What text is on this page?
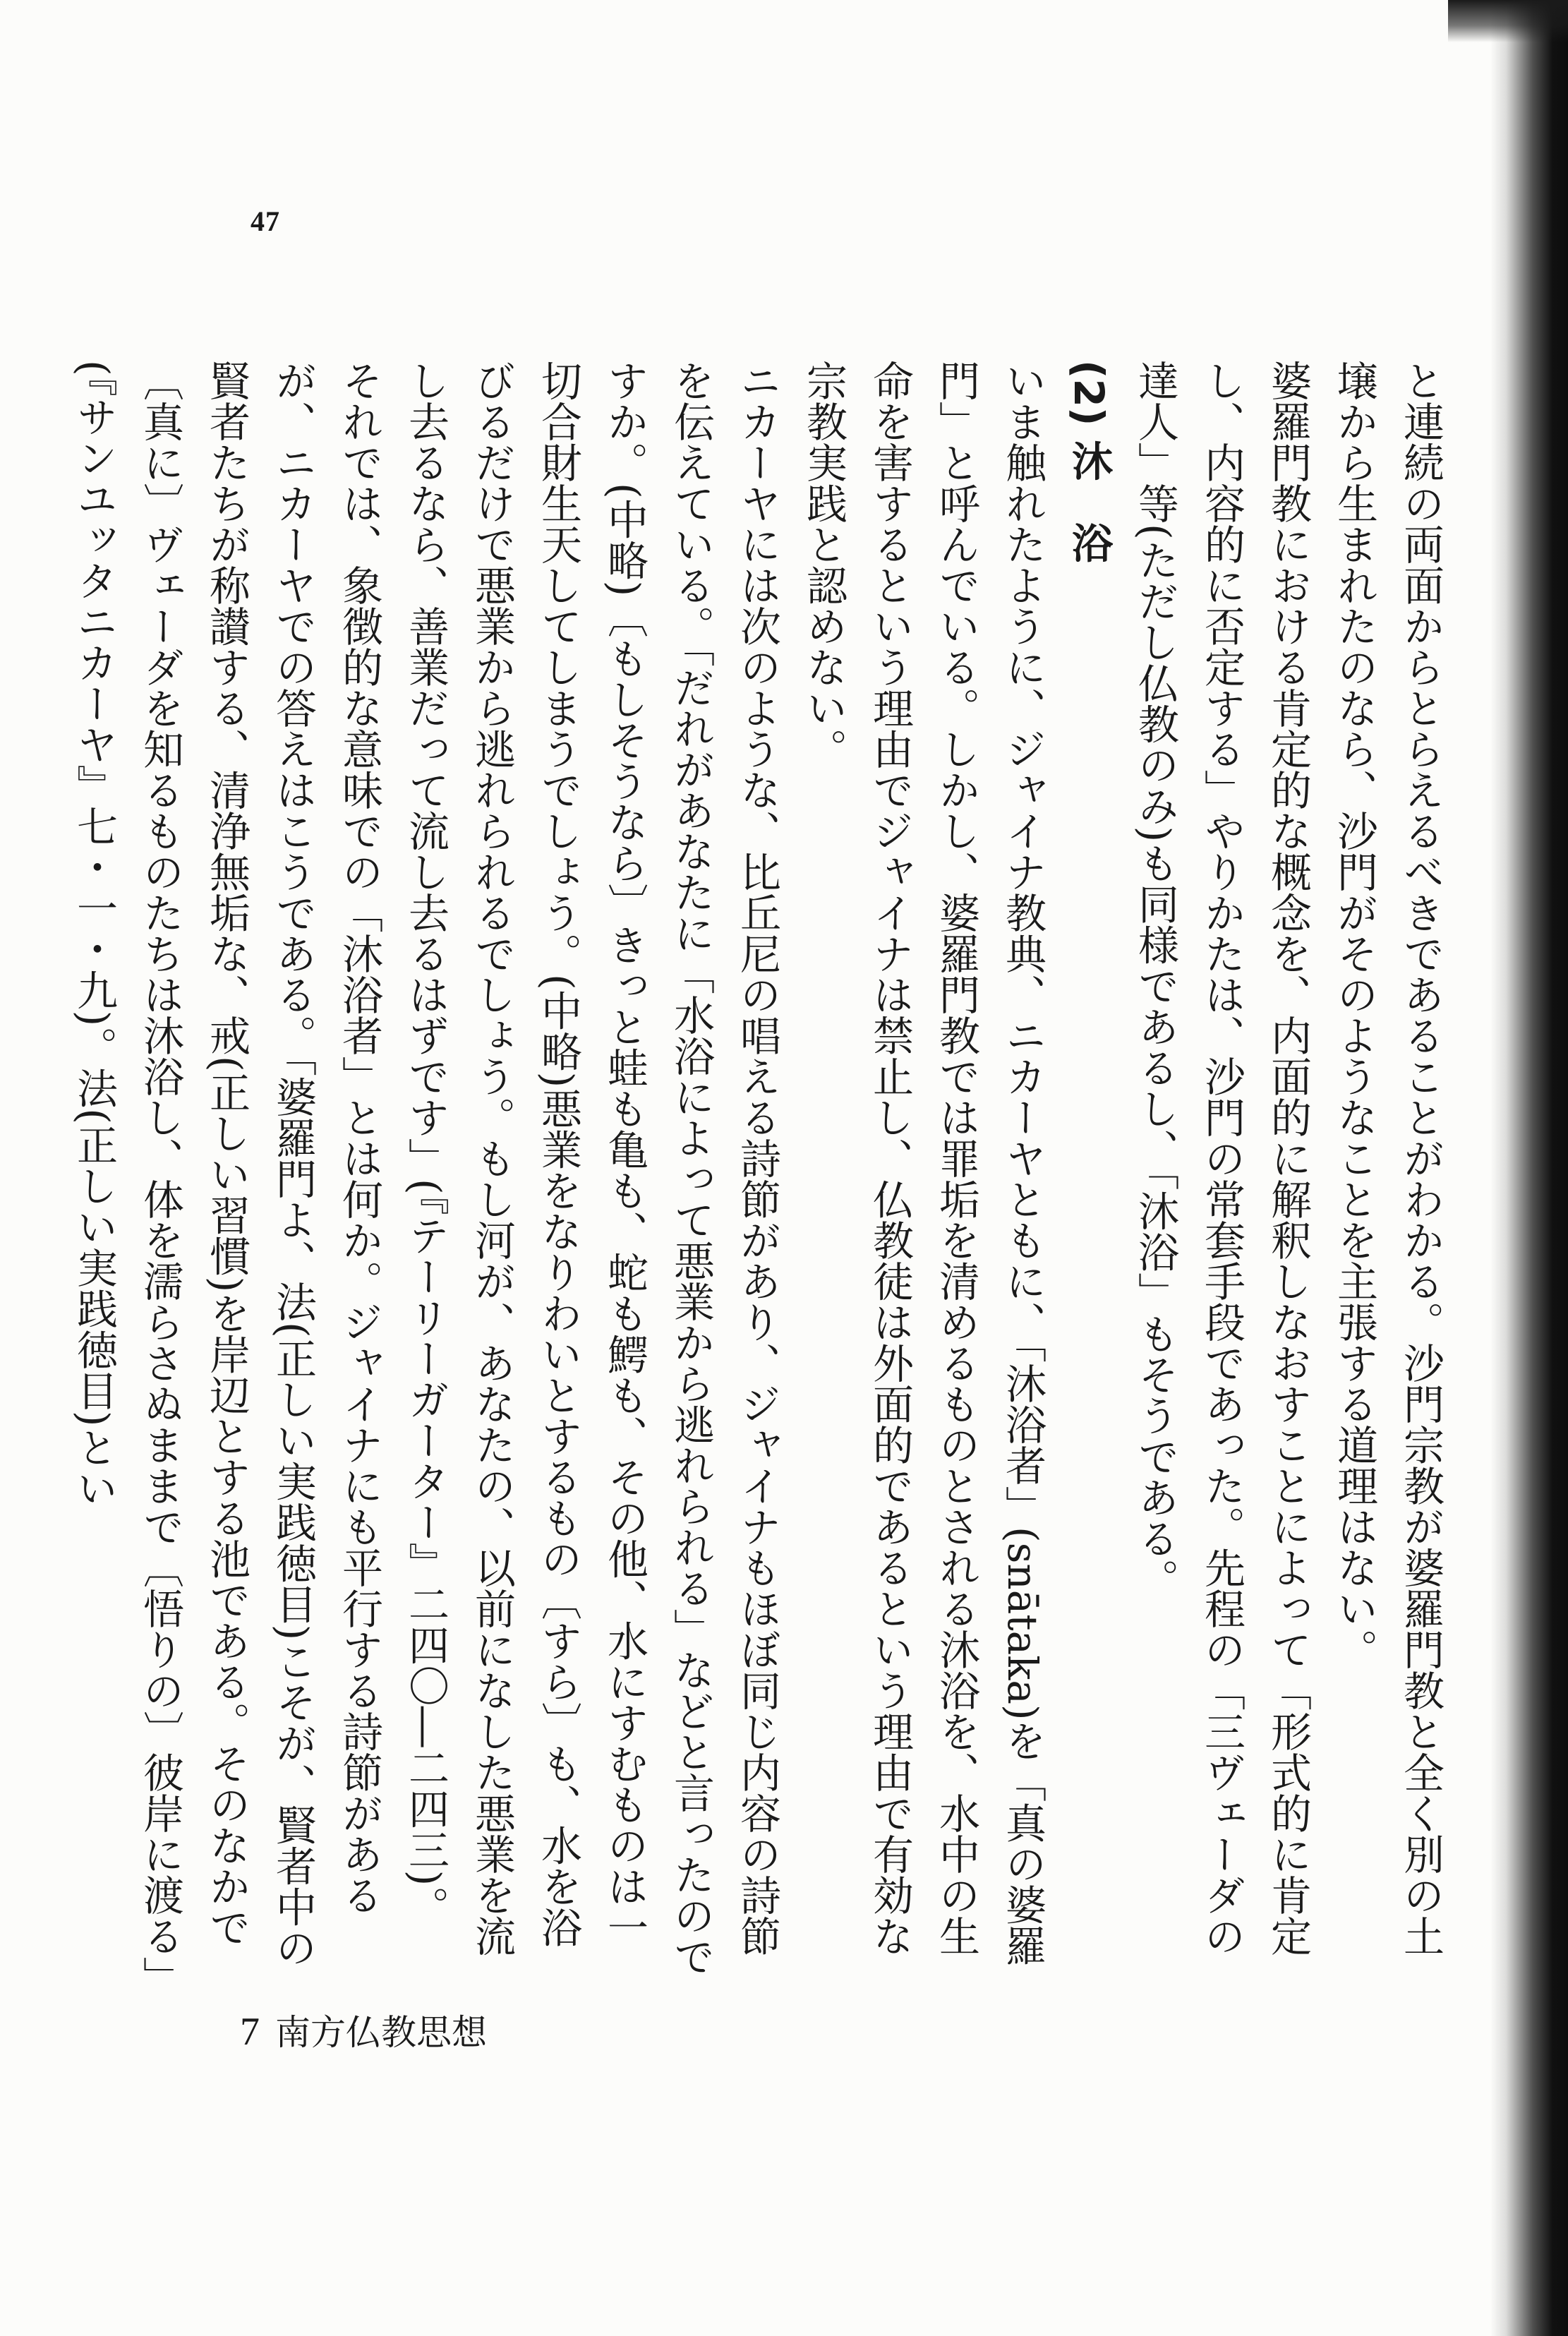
47

と連続の両面からとらえるべきであることがわかる。沙門宗教が婆羅門教と全く別の土壌から生まれたのなら、沙門がそのようなことを主張する道理はない。

婆羅門教における肯定的な概念を、内面的に解釈しなおすことによって「形式的に肯定し、内容的に否定する」やりかたは、沙門の常套手段であった。先程の「三ヴェーダの達人」等(ただし仏教のみ)も同様であるし、「沐浴」もそうである。

(2) 沐　浴

いま触れたように、ジャイナ教典、ニカーヤともに、「沐浴者」(snātaka)を「真の婆羅門」と呼んでいる。しかし、婆羅門教では罪垢を清めるものとされる沐浴を、水中の生命を害するという理由でジャイナは禁止し、仏教徒は外面的であるという理由で有効な宗教実践と認めない。

ニカーヤには次のような、比丘尼の唱える詩節があり、ジャイナもほぼ同じ内容の詩節を伝えている。「だれがあなたに「水浴によって悪業から逃れられる」などと言ったのですか。(中略)〔もしそうなら〕きっと蛙も亀も、蛇も鰐も、その他、水にすむものは一切合財生天してしまうでしょう。(中略)悪業をなりわいとするもの〔すら〕も、水を浴びるだけで悪業から逃れられるでしょう。もし河が、あなたの、以前になした悪業を流し去るなら、善業だって流し去るはずです」(『テーリーガーター』二四〇―二四三)。

それでは、象徴的な意味での「沐浴者」とは何か。ジャイナにも平行する詩節があるが、ニカーヤでの答えはこうである。「婆羅門よ、法(正しい実践徳目)こそが、賢者中の賢者たちが称讃する、清浄無垢な、戒(正しい習慣)を岸辺とする池である。そのなかで〔真に〕ヴェーダを知るものたちは沐浴し、体を濡らさぬままで〔悟りの〕彼岸に渡る」(『サンユッタニカーヤ』七・一・九)。法(正しい実践徳目)とい

7 南方仏教思想
